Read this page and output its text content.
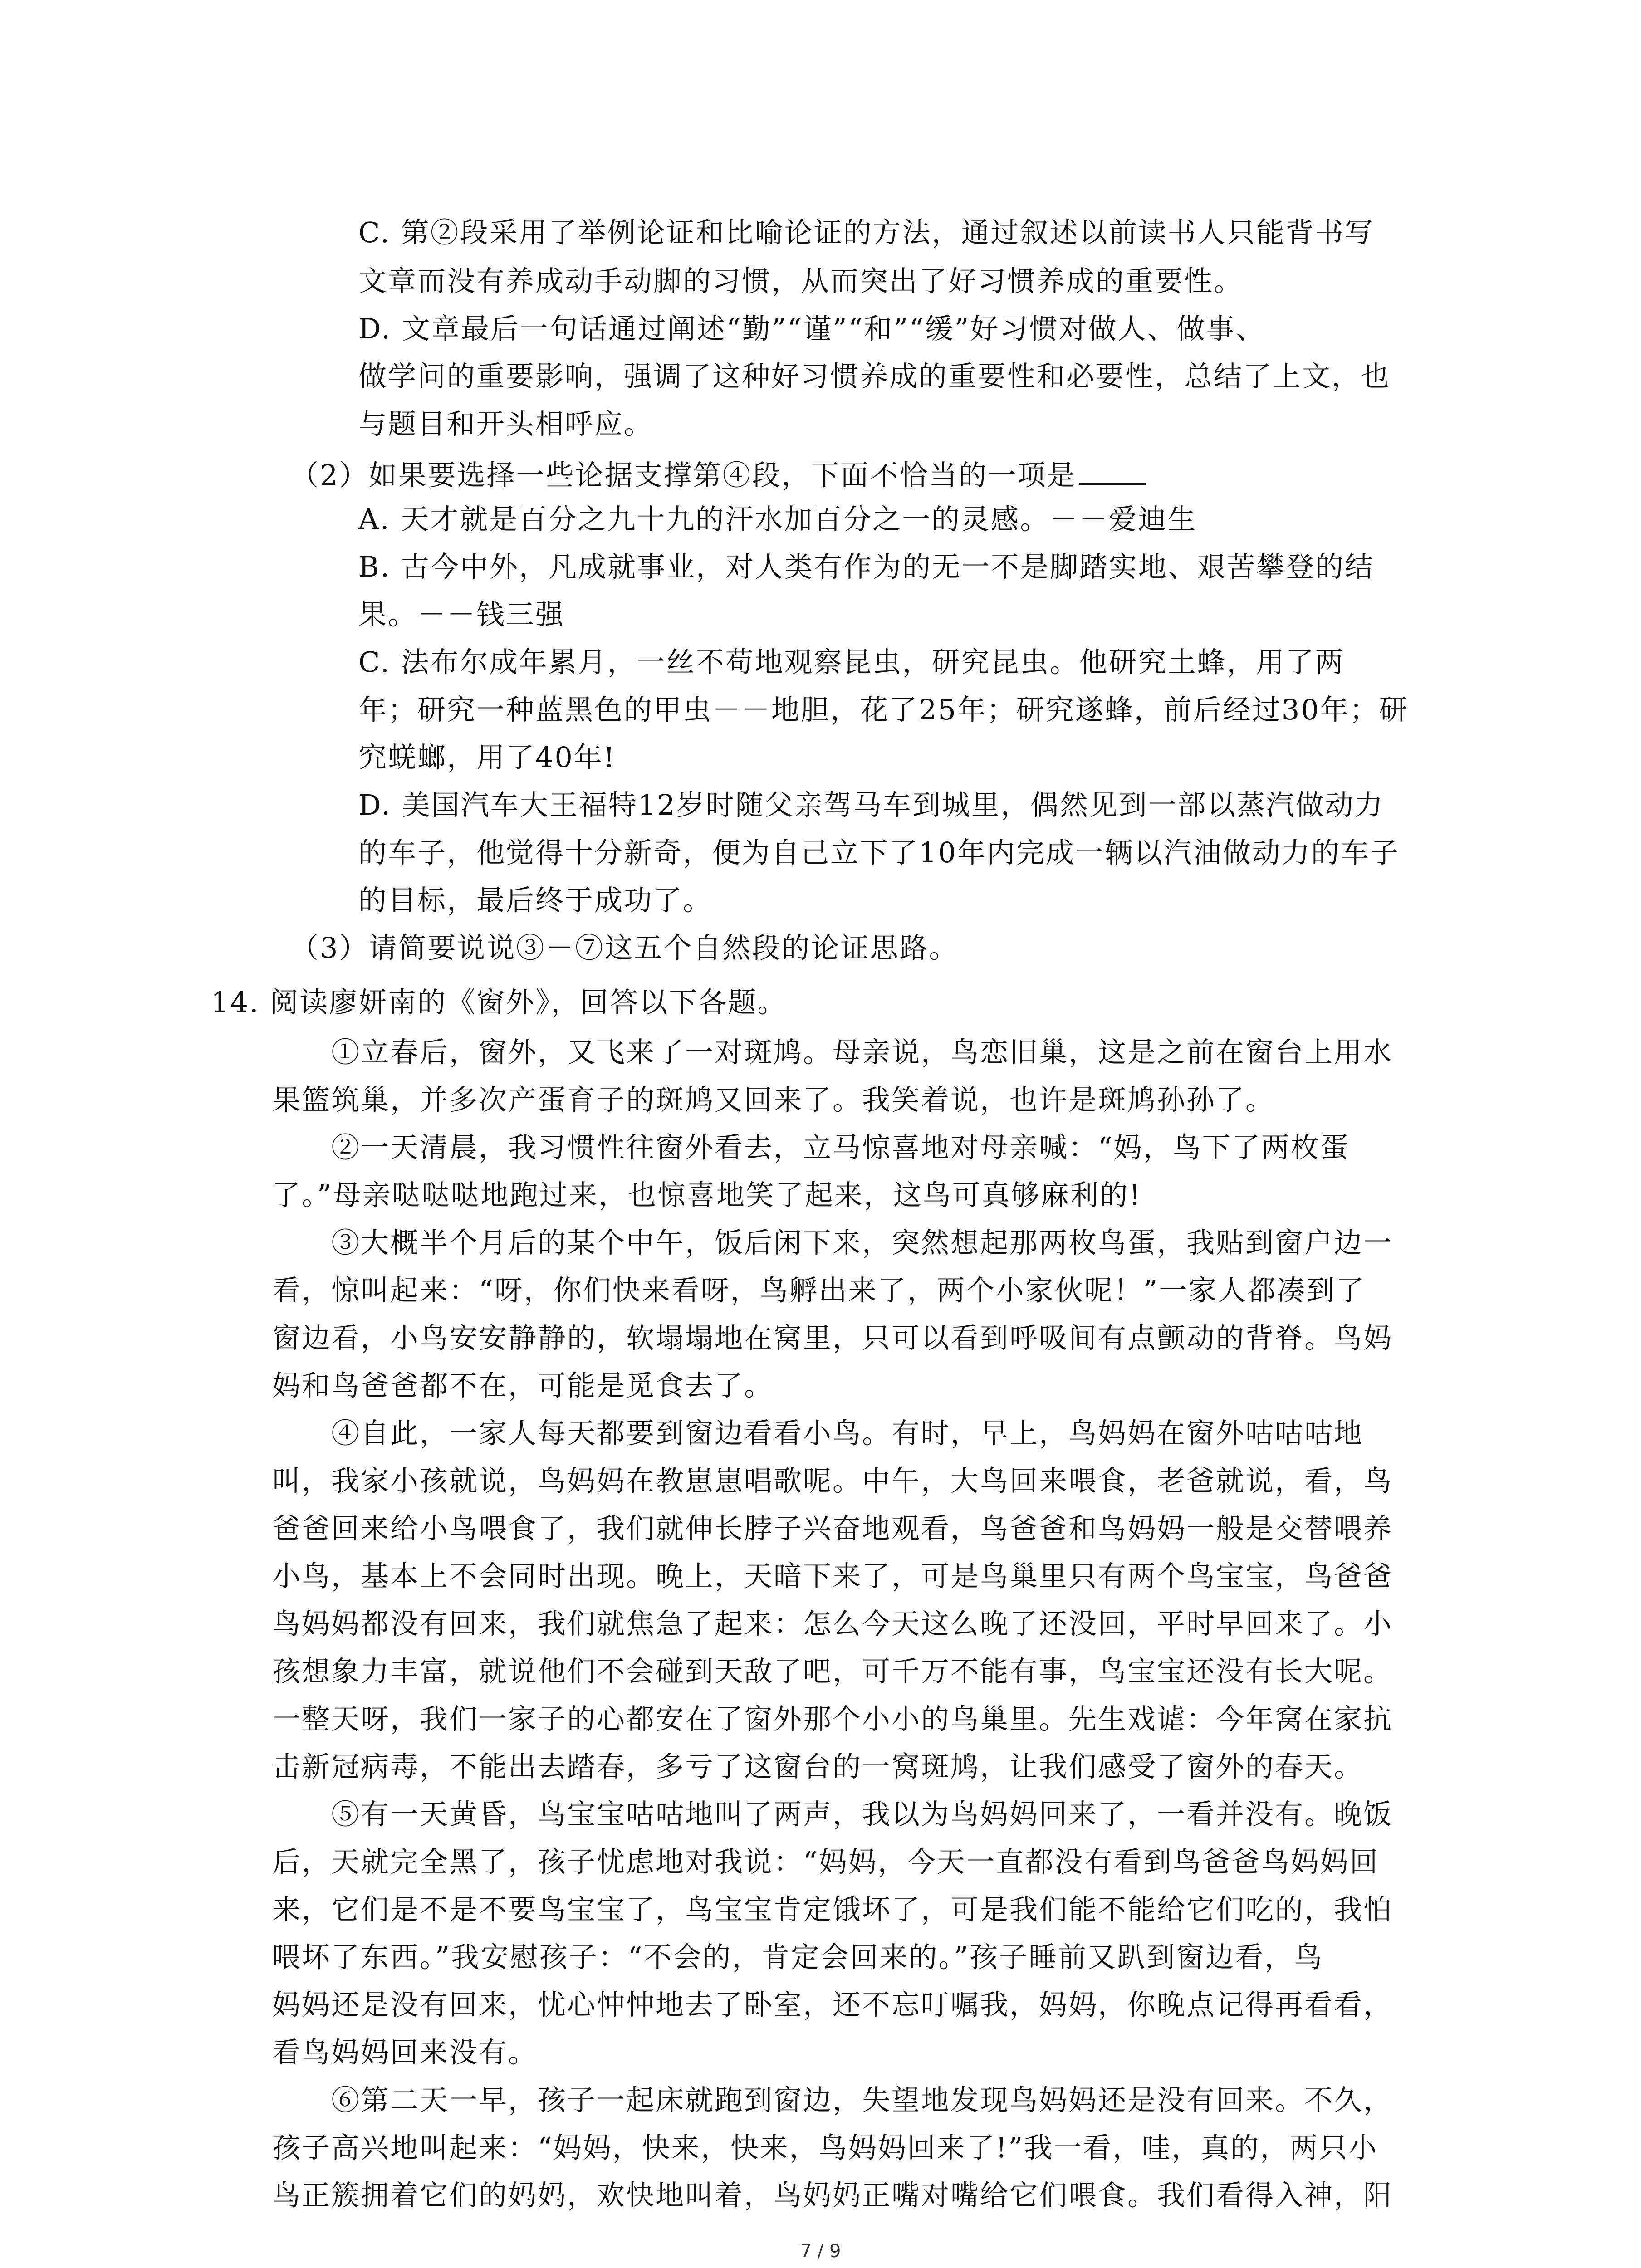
C. 第②段采用了举例论证和比喻论证的方法，通过叙述以前读书人只能背书写
文章而没有养成动手动脚的习惯，从而突出了好习惯养成的重要性。
D. 文章最后一句话通过阐述“勤”“谨”“和”“缓”好习惯对做人、做事、
做学问的重要影响，强调了这种好习惯养成的重要性和必要性，总结了上文，也
与题目和开头相呼应。
（2）如果要选择一些论据支撑第④段，下面不恰当的一项是
A. 天才就是百分之九十九的汗水加百分之一的灵感。－－爱迪生
B. 古今中外，凡成就事业，对人类有作为的无一不是脚踏实地、艰苦攀登的结
果。－－钱三强
C. 法布尔成年累月，一丝不苟地观察昆虫，研究昆虫。他研究土蜂，用了两
年；研究一种蓝黑色的甲虫－－地胆，花了25年；研究遂蜂，前后经过30年；研
究蜣螂，用了40年!
D. 美国汽车大王福特12岁时随父亲驾马车到城里，偶然见到一部以蒸汽做动力
的车子，他觉得十分新奇，便为自己立下了10年内完成一辆以汽油做动力的车子
的目标，最后终于成功了。
（3）请简要说说③－⑦这五个自然段的论证思路。
14. 阅读廖妍南的《窗外》，回答以下各题。
①立春后，窗外，又飞来了一对斑鸠。母亲说，鸟恋旧巢，这是之前在窗台上用水
果篮筑巢，并多次产蛋育子的斑鸠又回来了。我笑着说，也许是斑鸠孙孙了。
②一天清晨，我习惯性往窗外看去，立马惊喜地对母亲喊：“妈，鸟下了两枚蛋
了。”母亲哒哒哒地跑过来，也惊喜地笑了起来，这鸟可真够麻利的!
③大概半个月后的某个中午，饭后闲下来，突然想起那两枚鸟蛋，我贴到窗户边一
看，惊叫起来：“呀，你们快来看呀，鸟孵出来了，两个小家伙呢！”一家人都凑到了
窗边看，小鸟安安静静的，软塌塌地在窝里，只可以看到呼吸间有点颤动的背脊。鸟妈
妈和鸟爸爸都不在，可能是觅食去了。
④自此，一家人每天都要到窗边看看小鸟。有时，早上，鸟妈妈在窗外咕咕咕地
叫，我家小孩就说，鸟妈妈在教崽崽唱歌呢。中午，大鸟回来喂食，老爸就说，看，鸟
爸爸回来给小鸟喂食了，我们就伸长脖子兴奋地观看，鸟爸爸和鸟妈妈一般是交替喂养
小鸟，基本上不会同时出现。晚上，天暗下来了，可是鸟巢里只有两个鸟宝宝，鸟爸爸
鸟妈妈都没有回来，我们就焦急了起来：怎么今天这么晚了还没回，平时早回来了。小
孩想象力丰富，就说他们不会碰到天敌了吧，可千万不能有事，鸟宝宝还没有长大呢。
一整天呀，我们一家子的心都安在了窗外那个小小的鸟巢里。先生戏谑：今年窝在家抗
击新冠病毒，不能出去踏春，多亏了这窗台的一窝斑鸠，让我们感受了窗外的春天。
⑤有一天黄昏，鸟宝宝咕咕地叫了两声，我以为鸟妈妈回来了，一看并没有。晚饭
后，天就完全黑了，孩子忧虑地对我说：“妈妈，今天一直都没有看到鸟爸爸鸟妈妈回
来，它们是不是不要鸟宝宝了，鸟宝宝肯定饿坏了，可是我们能不能给它们吃的，我怕
喂坏了东西。”我安慰孩子：“不会的，肯定会回来的。”孩子睡前又趴到窗边看，鸟
妈妈还是没有回来，忧心忡忡地去了卧室，还不忘叮嘱我，妈妈，你晚点记得再看看，
看鸟妈妈回来没有。
⑥第二天一早，孩子一起床就跑到窗边，失望地发现鸟妈妈还是没有回来。不久，
孩子高兴地叫起来：“妈妈，快来，快来，鸟妈妈回来了!”我一看，哇，真的，两只小
鸟正簇拥着它们的妈妈，欢快地叫着，鸟妈妈正嘴对嘴给它们喂食。我们看得入神，阳
7 / 9
